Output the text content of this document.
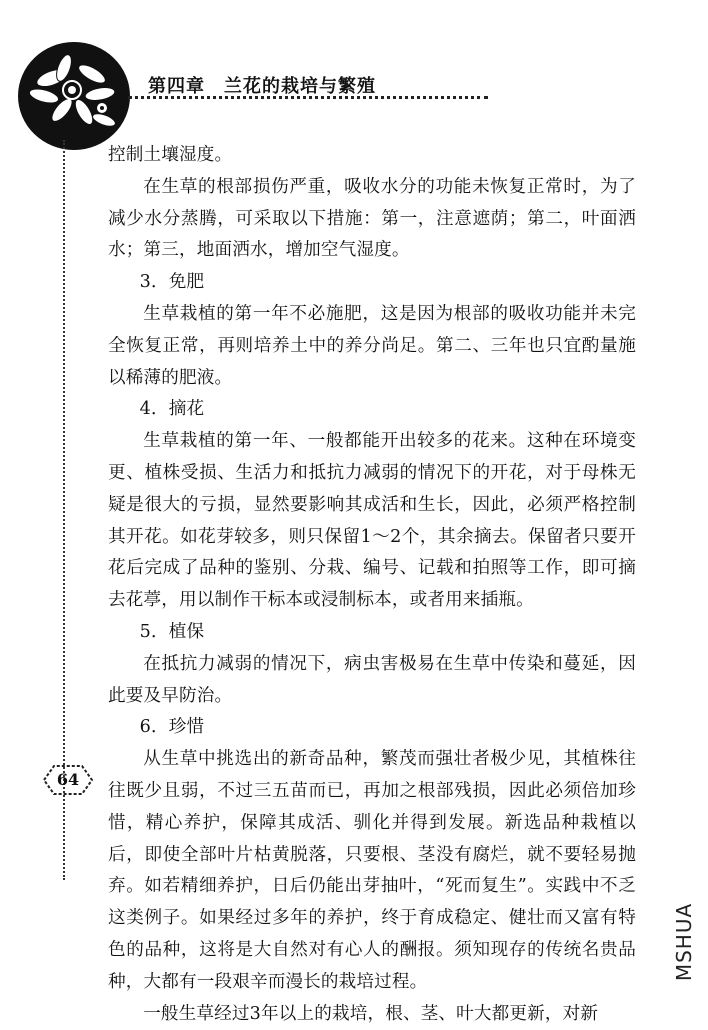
第四章　兰花的栽培与繁殖
64

控制土壤湿度。

在生草的根部损伤严重，吸收水分的功能未恢复正常时，为了减少水分蒸腾，可采取以下措施：第一，注意遮荫；第二，叶面洒水；第三，地面洒水，增加空气湿度。

3．免肥

生草栽植的第一年不必施肥，这是因为根部的吸收功能并未完全恢复正常，再则培养土中的养分尚足。第二、三年也只宜酌量施以稀薄的肥液。

4．摘花

生草栽植的第一年、一般都能开出较多的花来。这种在环境变更、植株受损、生活力和抵抗力减弱的情况下的开花，对于母株无疑是很大的亏损，显然要影响其成活和生长，因此，必须严格控制其开花。如花芽较多，则只保留1～2个，其余摘去。保留者只要开花后完成了品种的鉴别、分栽、编号、记载和拍照等工作，即可摘去花葶，用以制作干标本或浸制标本，或者用来插瓶。

5．植保

在抵抗力减弱的情况下，病虫害极易在生草中传染和蔓延，因此要及早防治。

6．珍惜

从生草中挑选出的新奇品种，繁茂而强壮者极少见，其植株往往既少且弱，不过三五苗而已，再加之根部残损，因此必须倍加珍惜，精心养护，保障其成活、驯化并得到发展。新选品种栽植以后，即使全部叶片枯黄脱落，只要根、茎没有腐烂，就不要轻易抛弃。如若精细养护，日后仍能出芽抽叶，“死而复生”。实践中不乏这类例子。如果经过多年的养护，终于育成稳定、健壮而又富有特色的品种，这将是大自然对有心人的酬报。须知现存的传统名贵品种，大都有一段艰辛而漫长的栽培过程。

一般生草经过3年以上的栽培，根、茎、叶大都更新，对新

MSHUA
